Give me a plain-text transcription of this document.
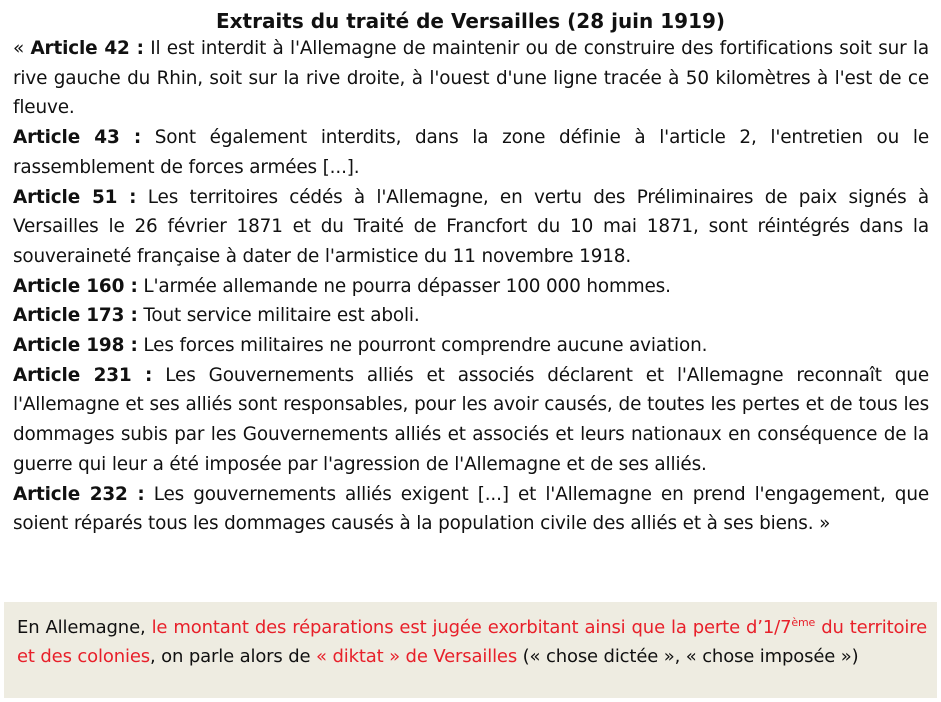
Extraits du traité de Versailles (28 juin 1919)

« Article 42 : Il est interdit à l'Allemagne de maintenir ou de construire des fortifications soit sur la rive gauche du Rhin, soit sur la rive droite, à l'ouest d'une ligne tracée à 50 kilomètres à l'est de ce fleuve.

Article 43 : Sont également interdits, dans la zone définie à l'article 2, l'entretien ou le rassemblement de forces armées [...].

Article 51 : Les territoires cédés à l'Allemagne, en vertu des Préliminaires de paix signés à Versailles le 26 février 1871 et du Traité de Francfort du 10 mai 1871, sont réintégrés dans la souveraineté française à dater de l'armistice du 11 novembre 1918.

Article 160 : L'armée allemande ne pourra dépasser 100 000 hommes.

Article 173 : Tout service militaire est aboli.

Article 198 : Les forces militaires ne pourront comprendre aucune aviation.

Article 231 : Les Gouvernements alliés et associés déclarent et l'Allemagne reconnaît que l'Allemagne et ses alliés sont responsables, pour les avoir causés, de toutes les pertes et de tous les dommages subis par les Gouvernements alliés et associés et leurs nationaux en conséquence de la guerre qui leur a été imposée par l'agression de l'Allemagne et de ses alliés.

Article 232 : Les gouvernements alliés exigent [...] et l'Allemagne en prend l'engagement, que soient réparés tous les dommages causés à la population civile des alliés et à ses biens. »

En Allemagne, le montant des réparations est jugée exorbitant ainsi que la perte d’1/7ème du territoire et des colonies, on parle alors de « diktat » de Versailles (« chose dictée », « chose imposée »)
